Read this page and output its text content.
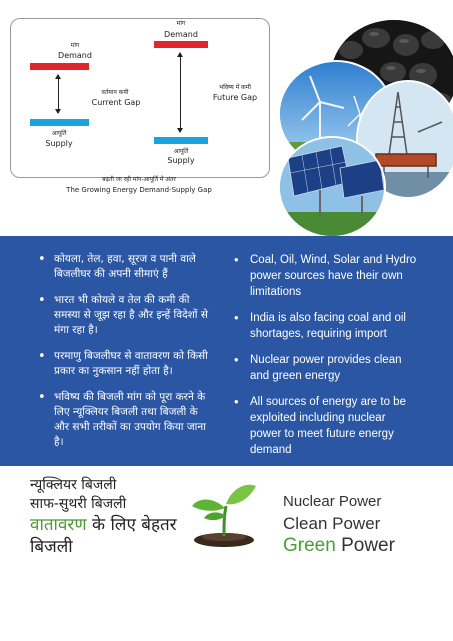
मांग
Demand
वर्तमान कमी
Current Gap
आपूर्ति
Supply
मांग
Demand
भविष्य में कमी
Future Gap
आपूर्ति
Supply
बढ़ती जा रही मांग-आपूर्ति में अंतर
The Growing Energy Demand-Supply Gap
• कोयला, तेल, हवा, सूरज व पानी वाले बिजलीघर की अपनी सीमाएं हैं
• भारत भी कोयले व तेल की कमी की समस्या से जूझ रहा है और इन्हें विदेशों से मंगा रहा है।
• परमाणु बिजलीघर से वातावरण को किसी प्रकार का नुकसान नहीं होता है।
• भविष्य की बिजली मांग को पूरा करने के लिए न्यूक्लियर बिजली तथा बिजली के और सभी तरीकों का उपयोग किया जाना है।
• Coal, Oil, Wind, Solar and Hydro power sources have their own limitations
• India is also facing coal and oil shortages, requiring import
• Nuclear power provides clean and green energy
• All sources of energy are to be exploited including nuclear power to meet future energy demand
न्यूक्लियर बिजली
साफ-सुथरी बिजली
वातावरण के लिए बेहतर
बिजली
Nuclear Power
Clean Power
Green Power
